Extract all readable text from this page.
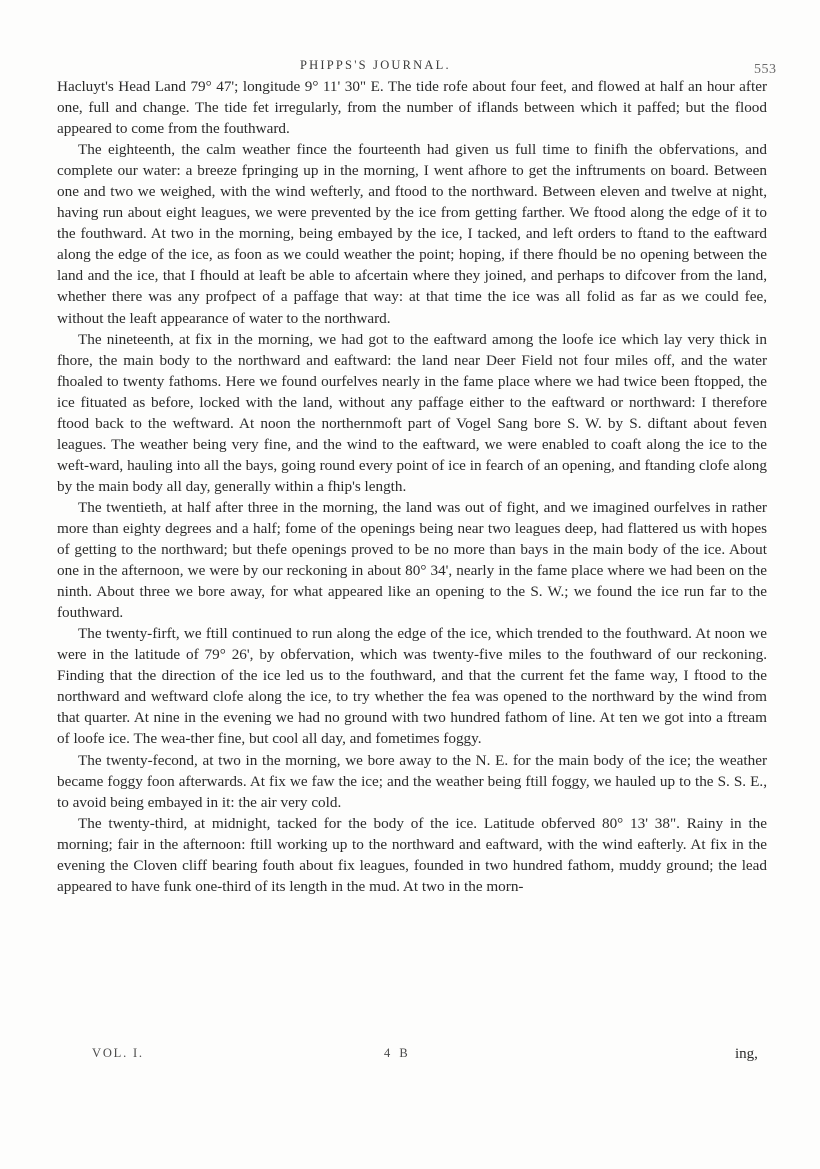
PHIPPS'S JOURNAL.	553

Hacluyt's Head Land 79° 47'; longitude 9° 11' 30" E. The tide rofe about four feet, and flowed at half an hour after one, full and change. The tide fet irregularly, from the number of iflands between which it paffed; but the flood appeared to come from the fouthward.

The eighteenth, the calm weather fince the fourteenth had given us full time to finifh the obfervations, and complete our water: a breeze fpringing up in the morning, I went afhore to get the inftruments on board. Between one and two we weighed, with the wind wefterly, and ftood to the northward. Between eleven and twelve at night, having run about eight leagues, we were prevented by the ice from getting farther. We ftood along the edge of it to the fouthward. At two in the morning, being embayed by the ice, I tacked, and left orders to ftand to the eaftward along the edge of the ice, as foon as we could weather the point; hoping, if there fhould be no opening between the land and the ice, that I fhould at leaft be able to afcertain where they joined, and perhaps to difcover from the land, whether there was any profpect of a paffage that way: at that time the ice was all folid as far as we could fee, without the leaft appearance of water to the northward.

The nineteenth, at fix in the morning, we had got to the eaftward among the loofe ice which lay very thick in fhore, the main body to the northward and eaftward: the land near Deer Field not four miles off, and the water fhoaled to twenty fathoms. Here we found ourfelves nearly in the fame place where we had twice been ftopped, the ice fituated as before, locked with the land, without any paffage either to the eaftward or northward: I therefore ftood back to the weftward. At noon the northernmoft part of Vogel Sang bore S. W. by S. diftant about feven leagues. The weather being very fine, and the wind to the eaftward, we were enabled to coaft along the ice to the weft-ward, hauling into all the bays, going round every point of ice in fearch of an opening, and ftanding clofe along by the main body all day, generally within a fhip's length.

The twentieth, at half after three in the morning, the land was out of fight, and we imagined ourfelves in rather more than eighty degrees and a half; fome of the openings being near two leagues deep, had flattered us with hopes of getting to the northward; but thefe openings proved to be no more than bays in the main body of the ice. About one in the afternoon, we were by our reckoning in about 80° 34', nearly in the fame place where we had been on the ninth. About three we bore away, for what appeared like an opening to the S. W.; we found the ice run far to the fouthward.

The twenty-firft, we ftill continued to run along the edge of the ice, which trended to the fouthward. At noon we were in the latitude of 79° 26', by obfervation, which was twenty-five miles to the fouthward of our reckoning. Finding that the direction of the ice led us to the fouthward, and that the current fet the fame way, I ftood to the northward and weftward clofe along the ice, to try whether the fea was opened to the northward by the wind from that quarter. At nine in the evening we had no ground with two hundred fathom of line. At ten we got into a ftream of loofe ice. The wea-ther fine, but cool all day, and fometimes foggy.

The twenty-fecond, at two in the morning, we bore away to the N. E. for the main body of the ice; the weather became foggy foon afterwards. At fix we faw the ice; and the weather being ftill foggy, we hauled up to the S. S. E., to avoid being embayed in it: the air very cold.

The twenty-third, at midnight, tacked for the body of the ice. Latitude obferved 80° 13' 38". Rainy in the morning; fair in the afternoon: ftill working up to the northward and eaftward, with the wind eafterly. At fix in the evening the Cloven cliff bearing fouth about fix leagues, founded in two hundred fathom, muddy ground; the lead appeared to have funk one-third of its length in the mud. At two in the morn-

VOL. I.	4 B	ing,
